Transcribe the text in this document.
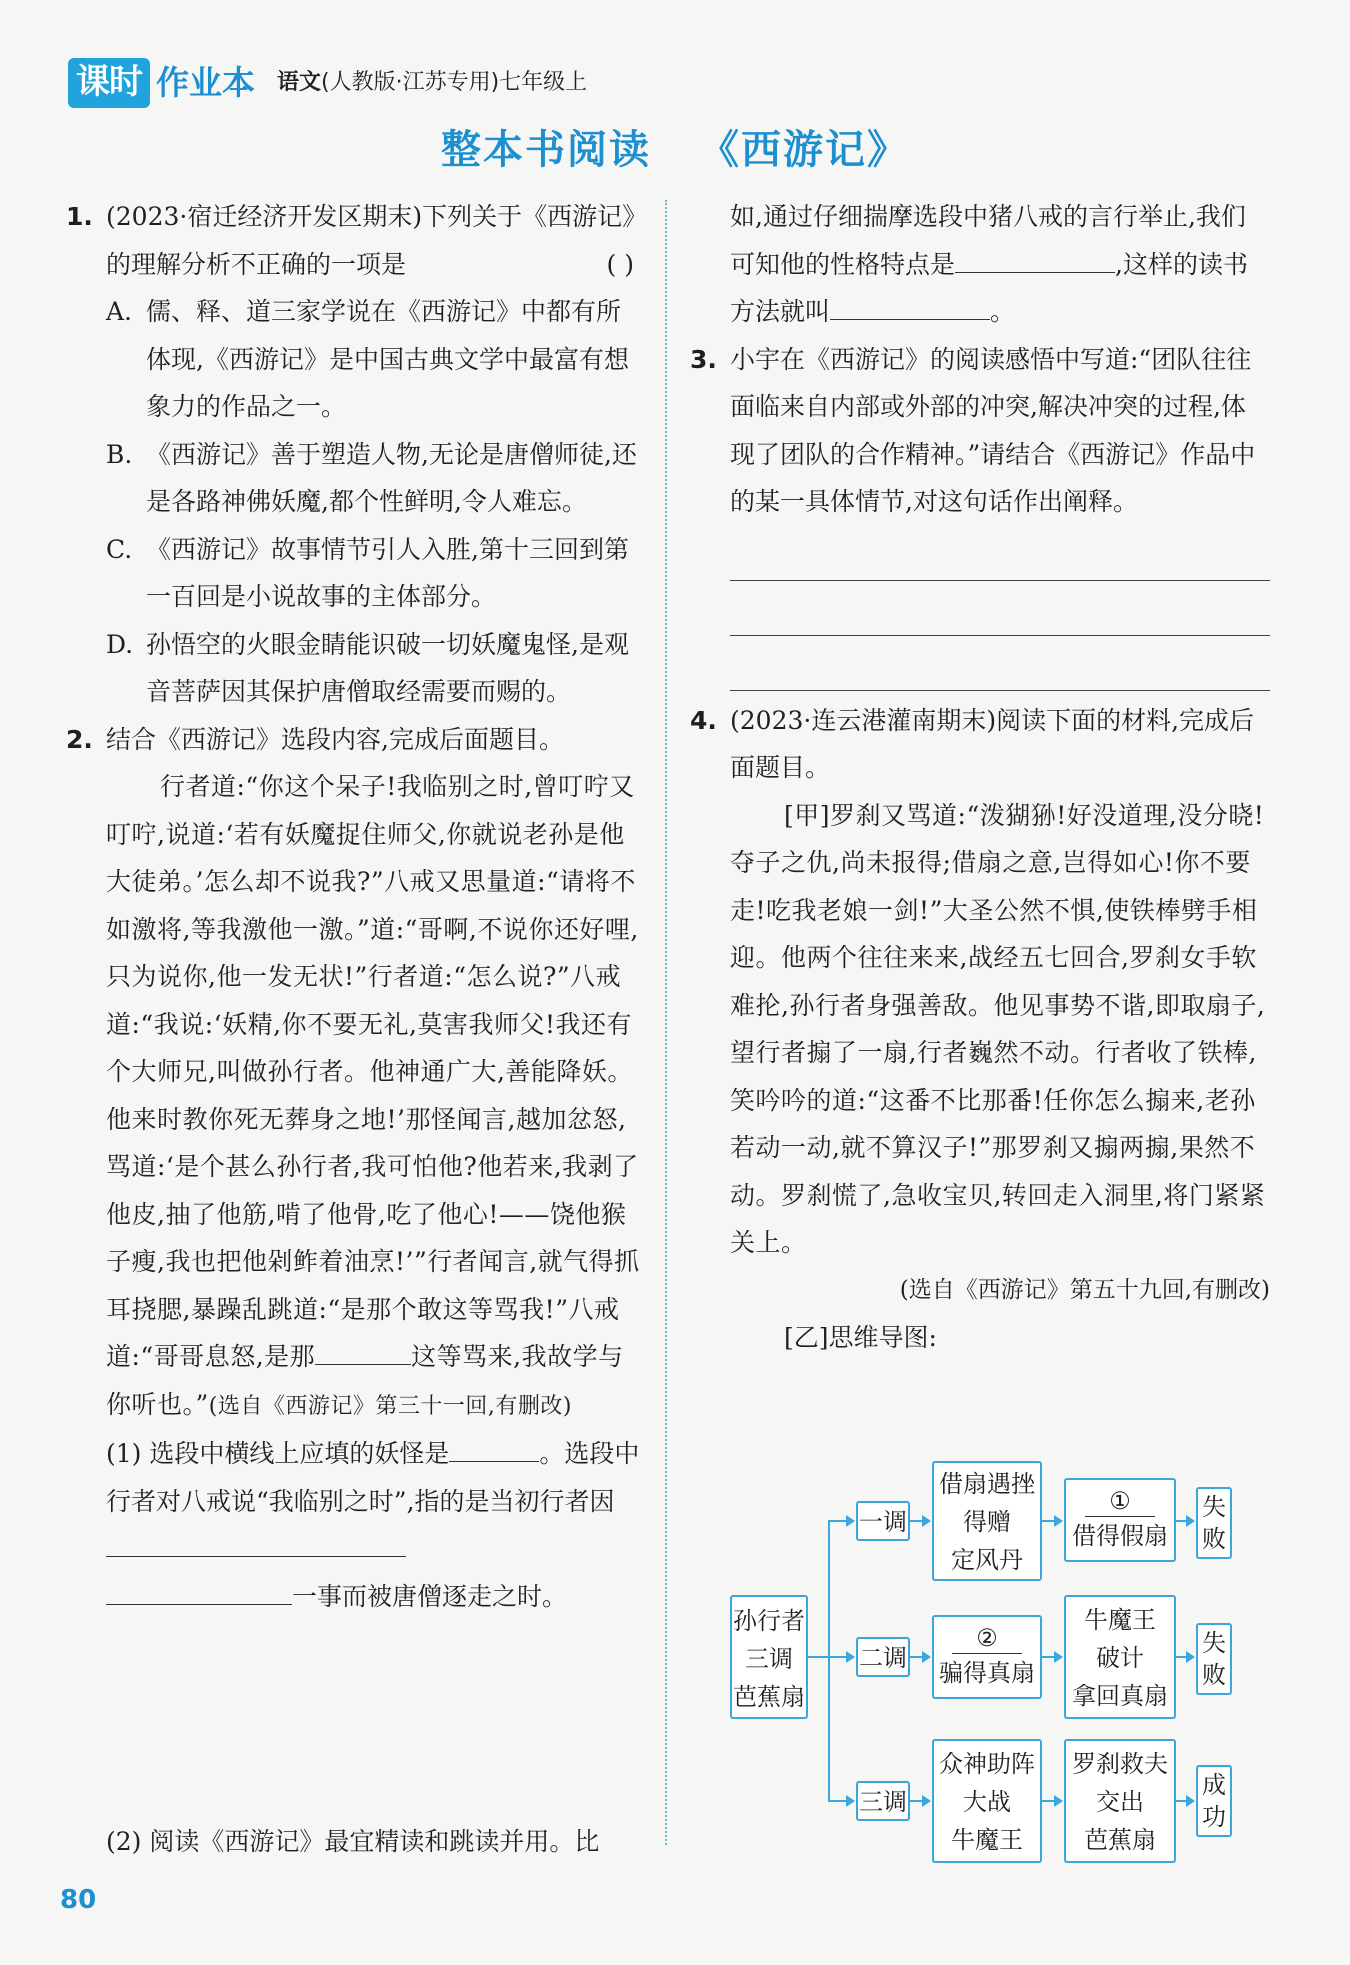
课时 作业本 语文(人教版·江苏专用)七年级上
整本书阅读 《西游记》
1. (2023·宿迁经济开发区期末)下列关于《西游记》的理解分析不正确的一项是	( )
A. 儒、释、道三家学说在《西游记》中都有所体现,《西游记》是中国古典文学中最富有想象力的作品之一。
B. 《西游记》善于塑造人物,无论是唐僧师徒,还是各路神佛妖魔,都个性鲜明,令人难忘。
C. 《西游记》故事情节引人入胜,第十三回到第一百回是小说故事的主体部分。
D. 孙悟空的火眼金睛能识破一切妖魔鬼怪,是观音菩萨因其保护唐僧取经需要而赐的。
2. 结合《西游记》选段内容,完成后面题目。
行者道:“你这个呆子!我临别之时,曾叮咛又叮咛,说道:‘若有妖魔捉住师父,你就说老孙是他大徒弟。’怎么却不说我?”八戒又思量道:“请将不如激将,等我激他一激。”道:“哥啊,不说你还好哩,只为说你,他一发无状!”行者道:“怎么说?”八戒道:“我说:‘妖精,你不要无礼,莫害我师父!我还有个大师兄,叫做孙行者。他神通广大,善能降妖。他来时教你死无葬身之地!’那怪闻言,越加忿怒,骂道:‘是个甚么孙行者,我可怕他?他若来,我剥了他皮,抽了他筋,啃了他骨,吃了他心!——饶他猴子瘦,我也把他剁鲊着油烹!’”行者闻言,就气得抓耳挠腮,暴躁乱跳道:“是那个敢这等骂我!”八戒道:“哥哥息怒,是那	这等骂来,我故学与你听也。”(选自《西游记》第三十一回,有删改)
(1) 选段中横线上应填的妖怪是	。选段中行者对八戒说“我临别之时”,指的是当初行者因
一事而被唐僧逐走之时。
(2) 阅读《西游记》最宜精读和跳读并用。比
如,通过仔细揣摩选段中猪八戒的言行举止,我们可知他的性格特点是	,这样的读书方法就叫	。
3. 小宇在《西游记》的阅读感悟中写道:“团队往往面临来自内部或外部的冲突,解决冲突的过程,体现了团队的合作精神。”请结合《西游记》作品中的某一具体情节,对这句话作出阐释。
4. (2023·连云港灌南期末)阅读下面的材料,完成后面题目。
[甲]罗刹又骂道:“泼猢狲!好没道理,没分晓!夺子之仇,尚未报得;借扇之意,岂得如心!你不要走!吃我老娘一剑!”大圣公然不惧,使铁棒劈手相迎。他两个往往来来,战经五七回合,罗刹女手软难抡,孙行者身强善敌。他见事势不谐,即取扇子,望行者搧了一扇,行者巍然不动。行者收了铁棒,笑吟吟的道:“这番不比那番!任你怎么搧来,老孙若动一动,就不算汉子!”那罗刹又搧两搧,果然不动。罗刹慌了,急收宝贝,转回走入洞里,将门紧紧关上。
(选自《西游记》第五十九回,有删改)
[乙]思维导图:
孙行者
三调
芭蕉扇
一调
借扇遇挫
得赠
定风丹
①
借得假扇
失
败
二调
②
骗得真扇
牛魔王
破计
拿回真扇
失
败
三调
众神助阵
大战
牛魔王
罗刹救夫
交出
芭蕉扇
成
功
80
